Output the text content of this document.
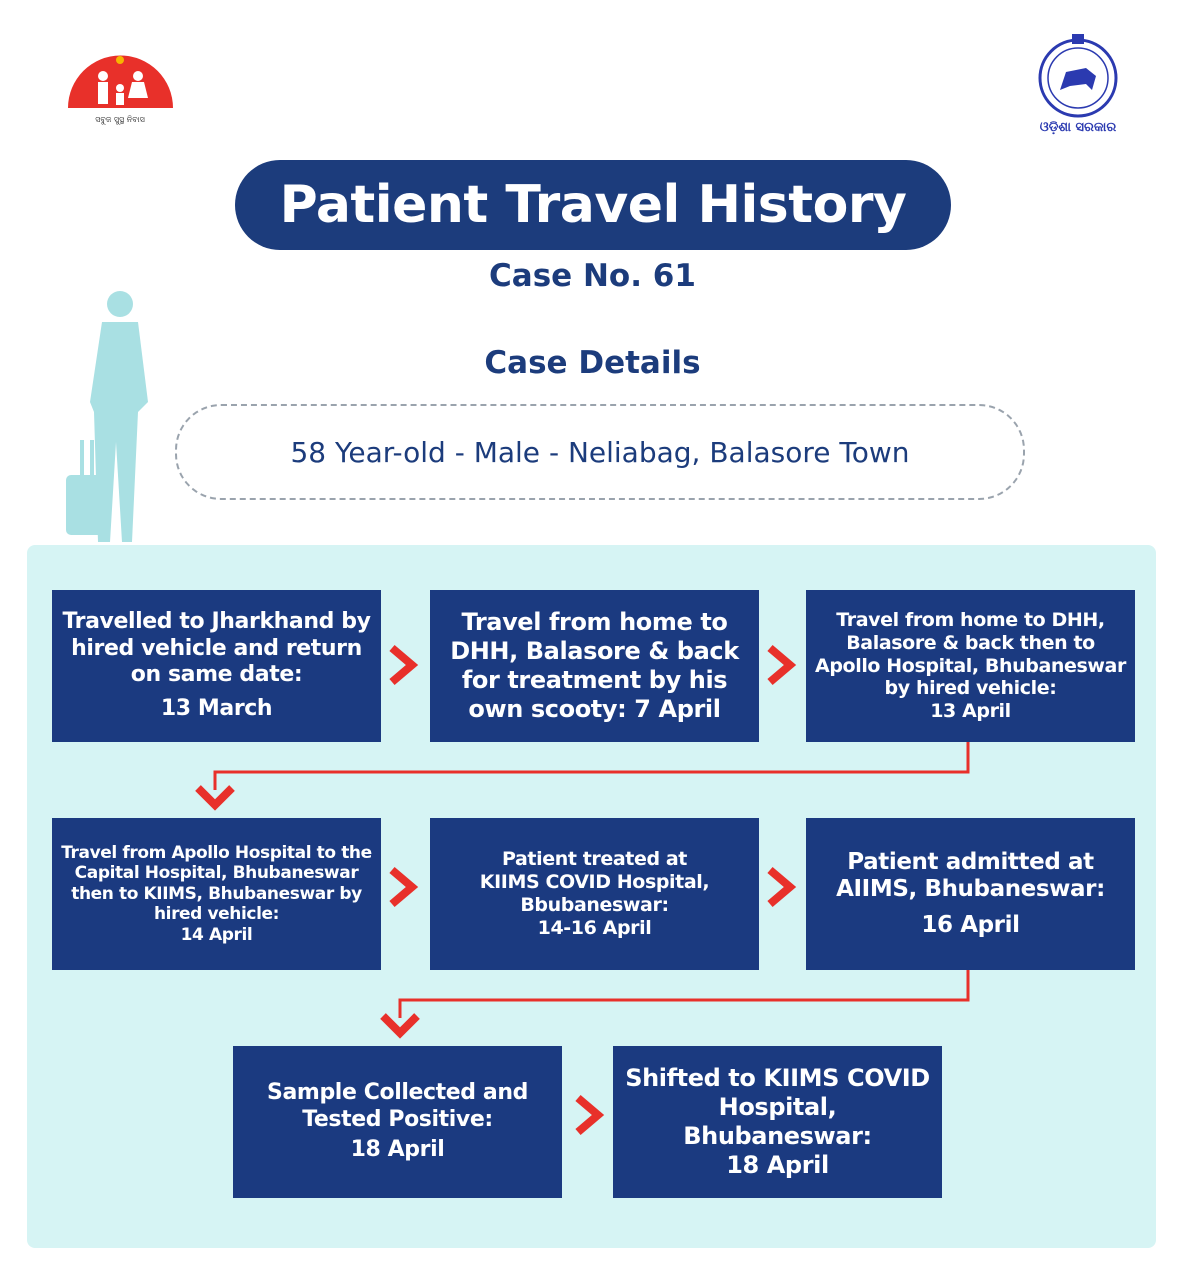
ସବୁଜ ସୁସ୍ଥ ନିବାସ
ଓଡ଼ିଶା ସରକାର
Patient Travel History
Case No. 61
Case Details
58 Year-old - Male - Neliabag, Balasore Town
Travelled to Jharkhand by hired vehicle and return on same date:
13 March
Travel from home to DHH, Balasore & back for treatment by his own scooty: 7 April
Travel from home to DHH, Balasore & back then to Apollo Hospital, Bhubaneswar by hired vehicle:
13 April
Travel from Apollo Hospital to the Capital Hospital, Bhubaneswar then to KIIMS, Bhubaneswar by hired vehicle:
14 April
Patient treated at KIIMS COVID Hospital, Bbubaneswar:
14-16 April
Patient admitted at AIIMS, Bhubaneswar:
16 April
Sample Collected and Tested Positive:
18 April
Shifted to KIIMS COVID Hospital, Bhubaneswar:
18 April
